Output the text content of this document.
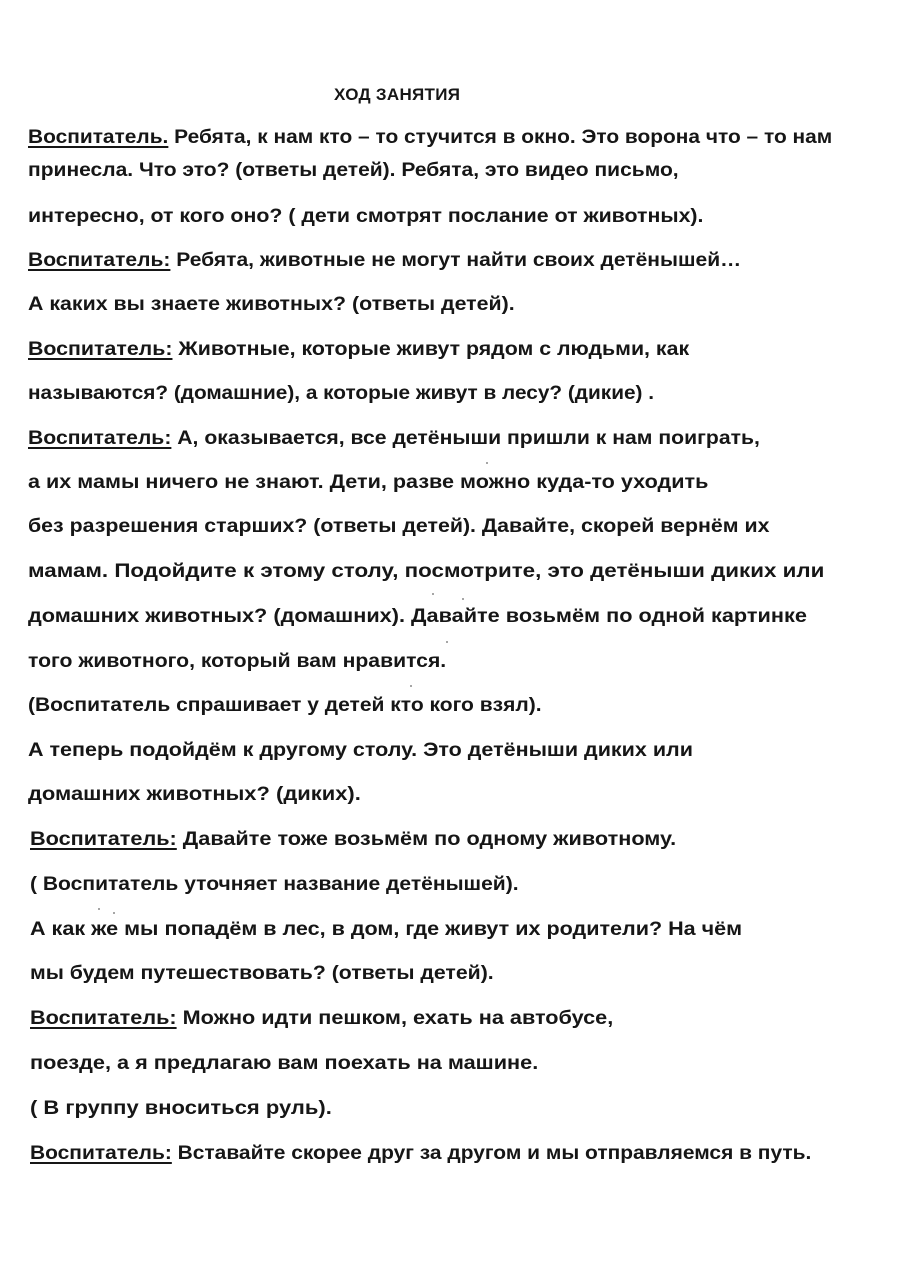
ХОД ЗАНЯТИЯ
Воспитатель. Ребята, к нам кто – то стучится в окно. Это ворона что – то нам
принесла. Что это? (ответы детей). Ребята, это видео письмо,
интересно, от кого оно? ( дети смотрят послание от животных).
Воспитатель: Ребята, животные не могут найти своих детёнышей…
А каких вы знаете животных? (ответы детей).
Воспитатель: Животные, которые живут рядом с людьми, как
называются? (домашние), а которые живут в лесу? (дикие) .
Воспитатель: А, оказывается, все детёныши пришли к нам поиграть,
а их мамы ничего не знают. Дети, разве можно куда-то уходить
без разрешения старших? (ответы детей). Давайте, скорей вернём их
мамам. Подойдите к этому столу, посмотрите, это детёныши диких или
домашних животных? (домашних). Давайте возьмём по одной картинке
того животного, который вам нравится.
(Воспитатель спрашивает у детей кто кого взял).
А теперь подойдём к другому столу. Это детёныши диких или
домашних животных? (диких).
Воспитатель: Давайте тоже возьмём по одному животному.
( Воспитатель уточняет название детёнышей).
А как же мы попадём в лес, в дом, где живут их родители? На чём
мы будем путешествовать? (ответы детей).
Воспитатель: Можно идти пешком, ехать на автобусе,
поезде, а я предлагаю вам поехать на машине.
( В группу вноситься руль).
Воспитатель: Вставайте скорее друг за другом и мы отправляемся в путь.
